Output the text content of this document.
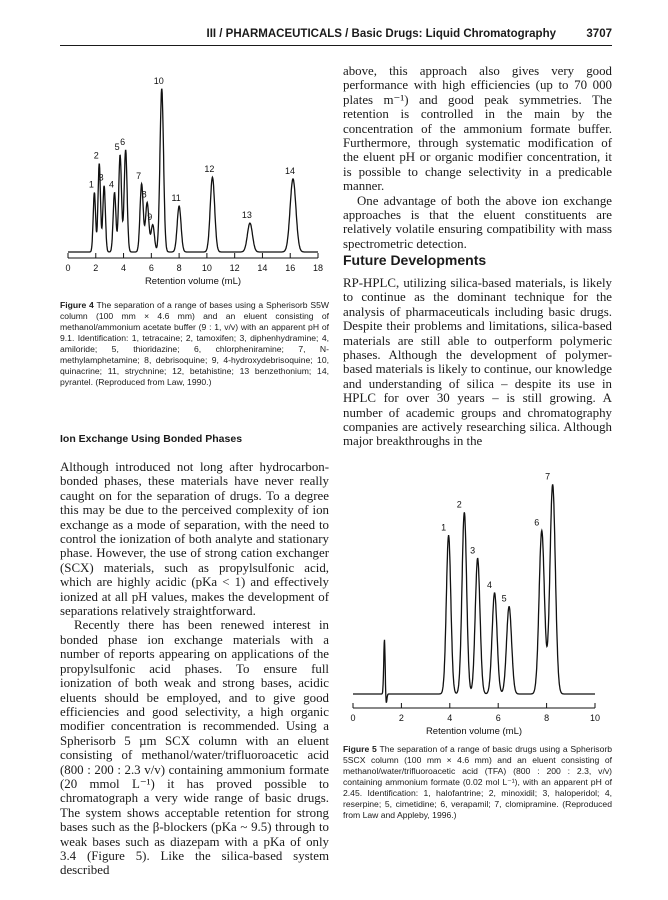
III / PHARMACEUTICALS / Basic Drugs: Liquid Chromatography	3707
0	2	4	6	8 10 12 14 16 18
Retention volume (mL)
1
2
3
4
5
6
7
8
9
10
11
12
13
14
Figure 4 The separation of a range of bases using a Spherisorb S5W column (100 mm × 4.6 mm) and an eluent consisting of methanol/ammonium acetate buffer (9 : 1, v/v) with an apparent pH of 9.1. Identification: 1, tetracaine; 2, tamoxifen; 3, diphenhydramine; 4, amiloride; 5, thioridazine; 6, chlorpheniramine; 7, N-methylamphetamine; 8, debrisoquine; 9, 4-hydroxydebrisoquine; 10, quinacrine; 11, strychnine; 12, betahistine; 13 benzethonium; 14, pyrantel. (Reproduced from Law, 1990.)
Ion Exchange Using Bonded Phases

Although introduced not long after hydrocarbon-bonded phases, these materials have never really caught on for the separation of drugs. To a degree this may be due to the perceived complexity of ion exchange as a mode of separation, with the need to control the ionization of both analyte and stationary phase. However, the use of strong cation exchanger (SCX) materials, such as propylsulfonic acid, which are highly acidic (pKa < 1) and effectively ionized at all pH values, makes the development of separations relatively straightforward.

Recently there has been renewed interest in bonded phase ion exchange materials with a number of reports appearing on applications of the propylsulfonic acid phases. To ensure full ionization of both weak and strong bases, acidic eluents should be employed, and to give good efficiencies and good selectivity, a high organic modifier concentration is recommended. Using a Spherisorb 5 µm SCX column with an eluent consisting of methanol/water/trifluoroacetic acid (800 : 200 : 2.3 v/v) containing ammonium formate (20 mmol L⁻¹) it has proved possible to chromatograph a very wide range of basic drugs. The system shows acceptable retention for strong bases such as the β-blockers (pKa ~ 9.5) through to weak bases such as diazepam with a pKa of only 3.4 (Figure 5). Like the silica-based system described

above, this approach also gives very good performance with high efficiencies (up to 70 000 plates m⁻¹) and good peak symmetries. The retention is controlled in the main by the concentration of the ammonium formate buffer. Furthermore, through systematic modification of the eluent pH or organic modifier concentration, it is possible to change selectivity in a predicable manner.

One advantage of both the above ion exchange approaches is that the eluent constituents are relatively volatile ensuring compatibility with mass spectrometric detection.

Future Developments

RP-HPLC, utilizing silica-based materials, is likely to continue as the dominant technique for the analysis of pharmaceuticals including basic drugs. Despite their problems and limitations, silica-based materials are still able to outperform polymeric phases. Although the development of polymer-based materials is likely to continue, our knowledge and understanding of silica – despite its use in HPLC for over 30 years – is still growing. A number of academic groups and chromatography companies are actively researching silica. Although major breakthroughs in the

0	2	4	6	8	10
Retention volume (mL)
1
2
3
4
5
6
7
Figure 5 The separation of a range of basic drugs using a Spherisorb 5SCX column (100 mm × 4.6 mm) and an eluent consisting of methanol/water/trifluoroacetic acid (TFA) (800 : 200 : 2.3, v/v) containing ammonium formate (0.02 mol L⁻¹), with an apparent pH of 2.45. Identification: 1, halofantrine; 2, minoxidil; 3, haloperidol; 4, reserpine; 5, cimetidine; 6, verapamil; 7, clomipramine. (Reproduced from Law and Appleby, 1996.)
